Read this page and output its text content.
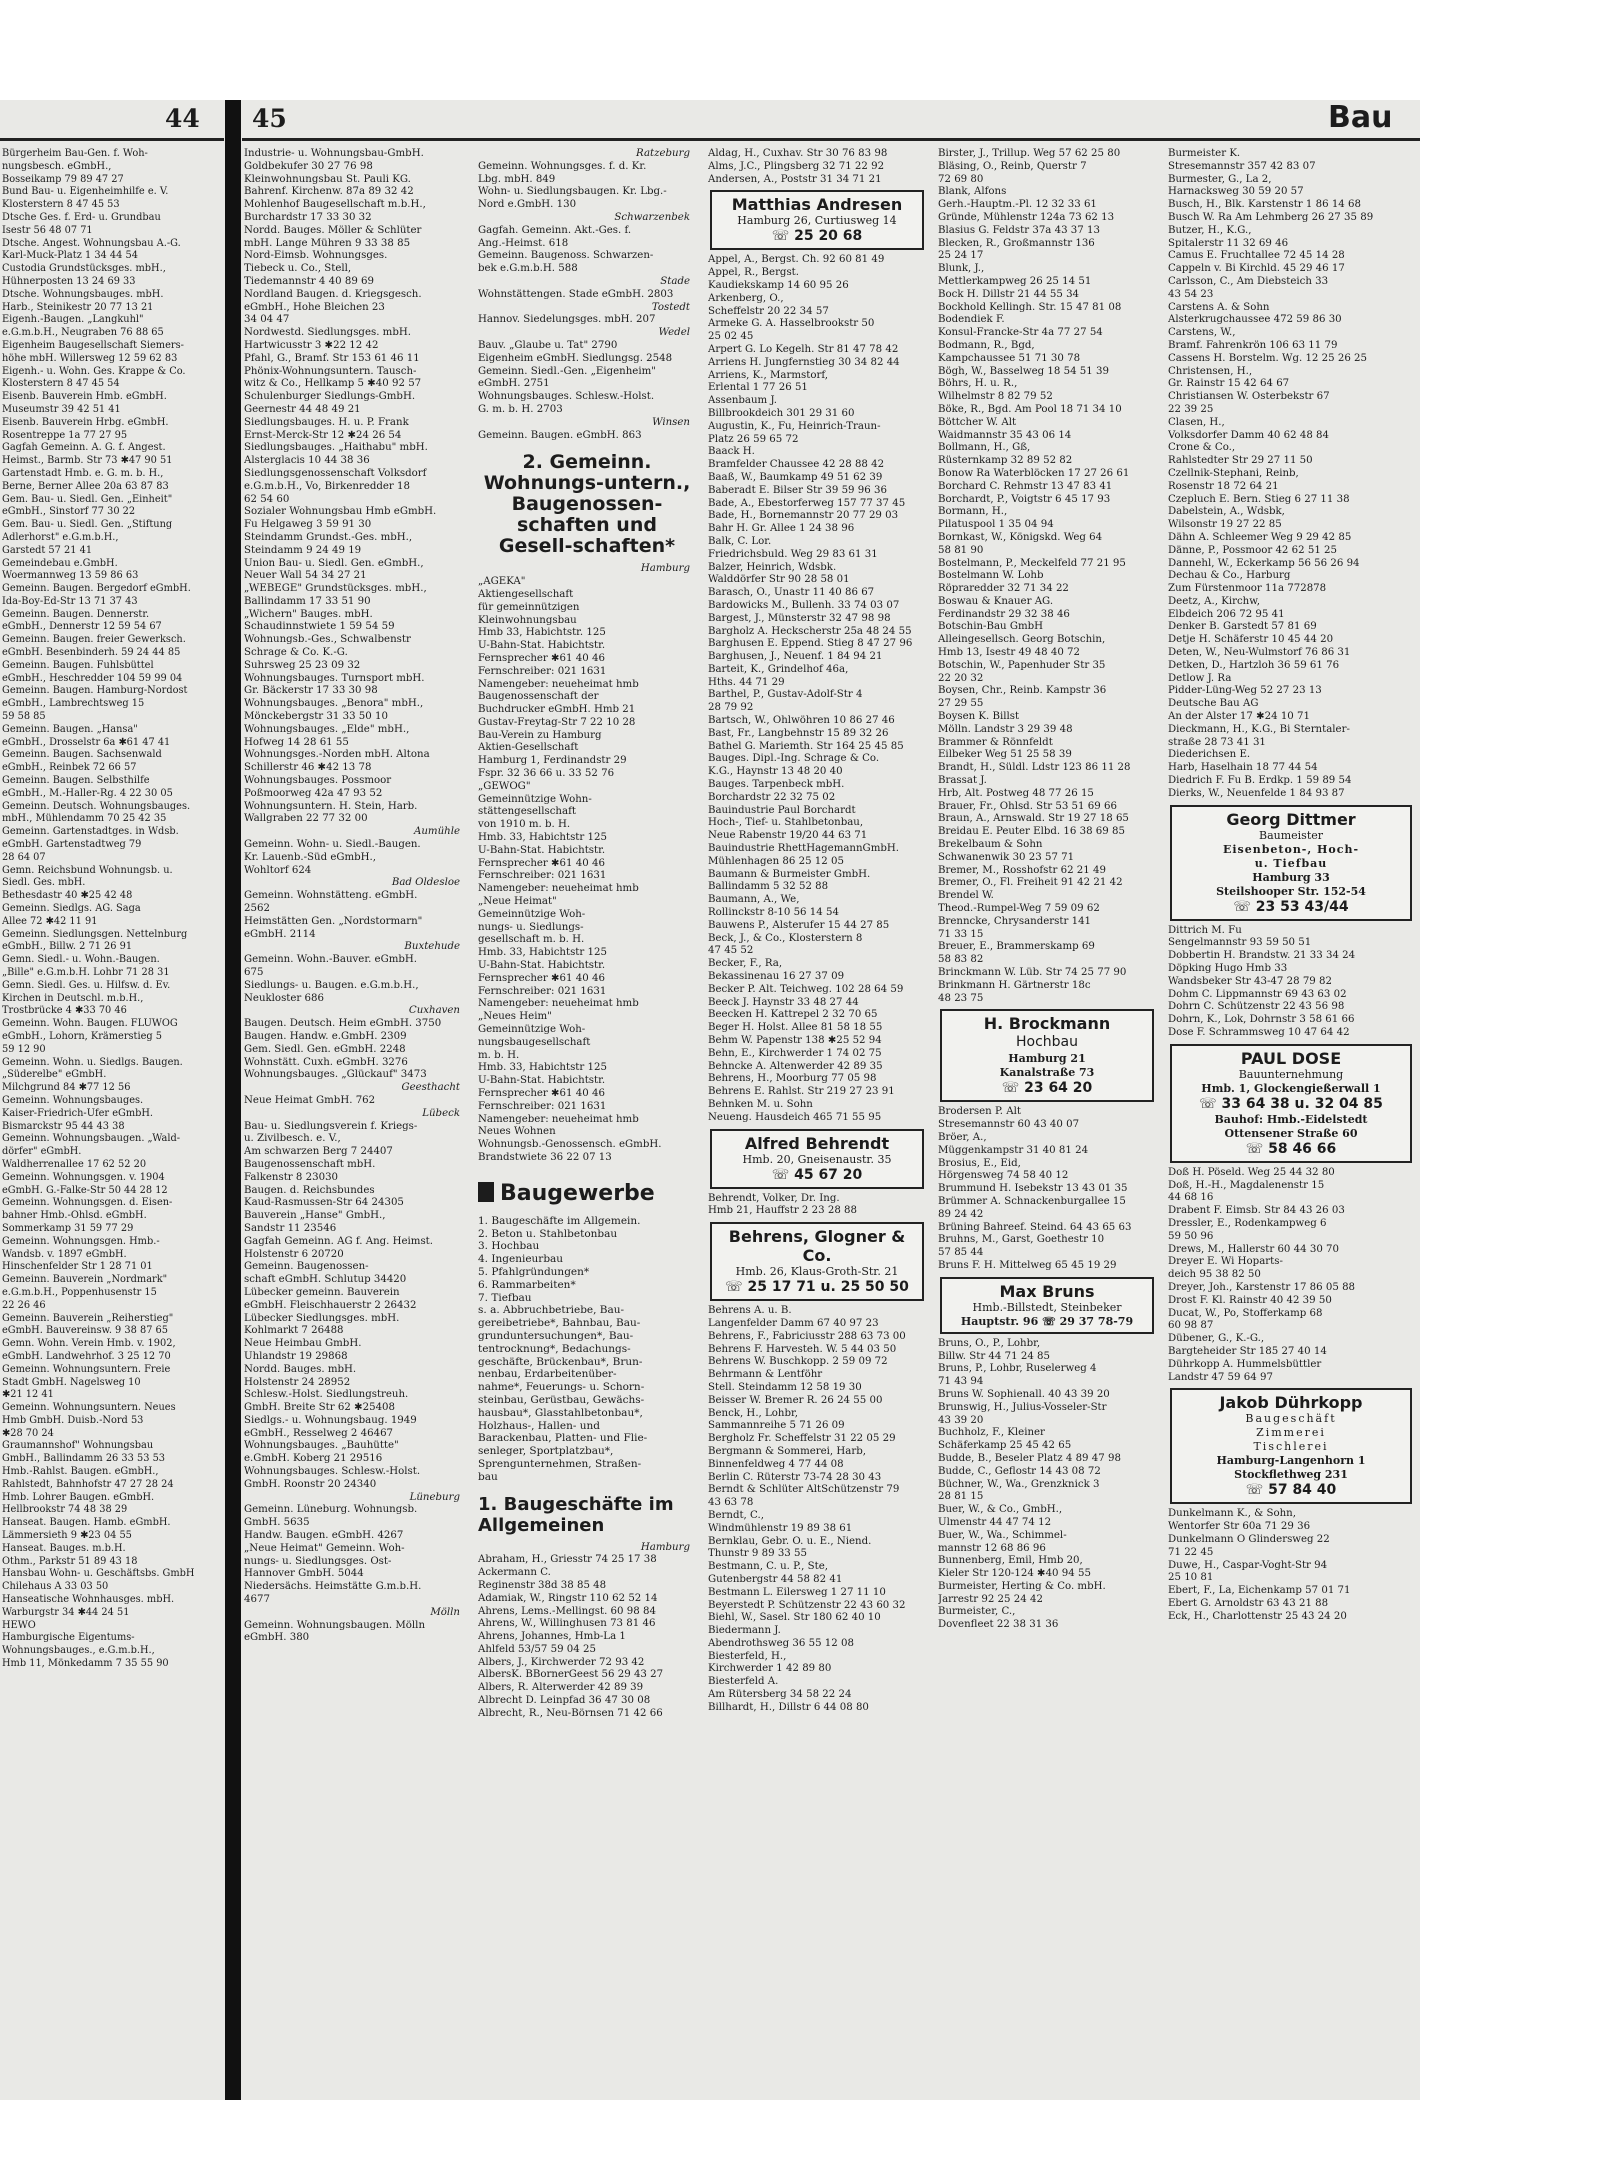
44 45	Bau
Bürgerheim Bau-Gen. f. Woh-
nungsbesch. eGmbH.,
Bosseikamp 79 89 47 27
Bund Bau- u. Eigenheimhilfe e. V.
Klosterstern 8 47 45 53
Dtsche Ges. f. Erd- u. Grundbau
Isestr 56 48 07 71
Dtsche. Angest. Wohnungsbau A.-G.
Karl-Muck-Platz 1 34 44 54
Custodia Grundstücksges. mbH.,
Hühnerposten 13 24 69 33
Dtsche. Wohnungsbauges. mbH.
Harb., Steinikestr 20 77 13 21
Eigenh.-Baugen. „Langkuhl"
e.G.m.b.H., Neugraben 76 88 65
Eigenheim Baugesellschaft Siemers-
höhe mbH. Willersweg 12 59 62 83
Eigenh.- u. Wohn. Ges. Krappe & Co.
Klosterstern 8 47 45 54
Eisenb. Bauverein Hmb. eGmbH.
Museumstr 39 42 51 41
Eisenb. Bauverein Hrbg. eGmbH.
Rosentreppe 1a 77 27 95
Gagfah Gemeinn. A. G. f. Angest.
Heimst., Barmb. Str 73 ✱47 90 51
Gartenstadt Hmb. e. G. m. b. H.,
Berne, Berner Allee 20a 63 87 83
Gem. Bau- u. Siedl. Gen. „Einheit"
eGmbH., Sinstorf 77 30 22
Gem. Bau- u. Siedl. Gen. „Stiftung
Adlerhorst" e.G.m.b.H.,
Garstedt 57 21 41
Gemeindebau e.GmbH.
Woermannweg 13 59 86 63
Gemeinn. Baugen. Bergedorf eGmbH.
Ida-Boy-Ed-Str 13 71 37 43
Gemeinn. Baugen. Dennerstr.
eGmbH., Dennerstr 12 59 54 67
Gemeinn. Baugen. freier Gewerksch.
eGmbH. Besenbinderh. 59 24 44 85
Gemeinn. Baugen. Fuhlsbüttel
eGmbH., Heschredder 104 59 99 04
Gemeinn. Baugen. Hamburg-Nordost
eGmbH., Lambrechtsweg 15
59 58 85
Gemeinn. Baugen. „Hansa"
eGmbH., Drosselstr 6a ✱61 47 41
Gemeinn. Baugen. Sachsenwald
eGmbH., Reinbek 72 66 57
Gemeinn. Baugen. Selbsthilfe
eGmbH., M.-Haller-Rg. 4 22 30 05
Gemeinn. Deutsch. Wohnungsbauges.
mbH., Mühlendamm 70 25 42 35
Gemeinn. Gartenstadtges. in Wdsb.
eGmbH. Gartenstadtweg 79
28 64 07
Gemn. Reichsbund Wohnungsb. u.
Siedl. Ges. mbH.
Bethesdastr 40 ✱25 42 48
Gemeinn. Siedlgs. AG. Saga
Allee 72 ✱42 11 91
Gemeinn. Siedlungsgen. Nettelnburg
eGmbH., Billw. 2 71 26 91
Gemn. Siedl.- u. Wohn.-Baugen.
„Bille" e.G.m.b.H. Lohbr 71 28 31
Gemn. Siedl. Ges. u. Hilfsw. d. Ev.
Kirchen in Deutschl. m.b.H.,
Trostbrücke 4 ✱33 70 46
Gemeinn. Wohn. Baugen. FLUWOG
eGmbH., Lohorn, Krämerstieg 5
59 12 90
Gemeinn. Wohn. u. Siedlgs. Baugen.
„Süderelbe" eGmbH.
Milchgrund 84 ✱77 12 56
Gemeinn. Wohnungsbauges.
Kaiser-Friedrich-Ufer eGmbH.
Bismarckstr 95 44 43 38
Gemeinn. Wohnungsbaugen. „Wald-
dörfer" eGmbH.
Waldherrenallee 17 62 52 20
Gemeinn. Wohnungsgen. v. 1904
eGmbH. G.-Falke-Str 50 44 28 12
Gemeinn. Wohnungsgen. d. Eisen-
bahner Hmb.-Ohlsd. eGmbH.
Sommerkamp 31 59 77 29
Gemeinn. Wohnungsgen. Hmb.-
Wandsb. v. 1897 eGmbH.
Hinschenfelder Str 1 28 71 01
Gemeinn. Bauverein „Nordmark"
e.G.m.b.H., Poppenhusenstr 15
22 26 46
Gemeinn. Bauverein „Reiherstieg"
eGmbH. Bauvereinsw. 9 38 87 65
Gemn. Wohn. Verein Hmb. v. 1902,
eGmbH. Landwehrhof. 3 25 12 70
Gemeinn. Wohnungsuntern. Freie
Stadt GmbH. Nagelsweg 10
✱21 12 41
Gemeinn. Wohnungsuntern. Neues
Hmb GmbH. Duisb.-Nord 53
✱28 70 24
Graumannshof" Wohnungsbau
GmbH., Ballindamm 26 33 53 53
Hmb.-Rahlst. Baugen. eGmbH.,
Rahlstedt, Bahnhofstr 47 27 28 24
Hmb. Lohrer Baugen. eGmbH.
Hellbrookstr 74 48 38 29
Hanseat. Baugen. Hamb. eGmbH.
Lämmersieth 9 ✱23 04 55
Hanseat. Bauges. m.b.H.
Othm., Parkstr 51 89 43 18
Hansbau Wohn- u. Geschäftsbs. GmbH
Chilehaus A 33 03 50
Hanseatische Wohnhausges. mbH.
Warburgstr 34 ✱44 24 51
HEWO
Hamburgische Eigentums-
Wohnungsbauges., e.G.m.b.H.,
Hmb 11, Mönkedamm 7 35 55 90
Industrie- u. Wohnungsbau-GmbH.
Goldbekufer 30 27 76 98
Kleinwohnungsbau St. Pauli KG.
Bahrenf. Kirchenw. 87a 89 32 42
Mohlenhof Baugesellschaft m.b.H.,
Burchardstr 17 33 30 32
Nordd. Bauges. Möller & Schlüter
mbH. Lange Mühren 9 33 38 85
Nord-Eimsb. Wohnungsges.
Tiebeck u. Co., Stell,
Tiedemannstr 4 40 89 69
Nordland Baugen. d. Kriegsgesch.
eGmbH., Hohe Bleichen 23
34 04 47
Nordwestd. Siedlungsges. mbH.
Hartwicusstr 3 ✱22 12 42
Pfahl, G., Bramf. Str 153 61 46 11
Phönix-Wohnungsuntern. Tausch-
witz & Co., Hellkamp 5 ✱40 92 57
Schulenburger Siedlungs-GmbH.
Geernestr 44 48 49 21
Siedlungsbauges. H. u. P. Frank
Ernst-Merck-Str 12 ✱24 26 54
Siedlungsbauges. „Haithabu" mbH.
Alsterglacis 10 44 38 36
Siedlungsgenossenschaft Volksdorf
e.G.m.b.H., Vo, Birkenredder 18
62 54 60
Sozialer Wohnungsbau Hmb eGmbH.
Fu Helgaweg 3 59 91 30
Steindamm Grundst.-Ges. mbH.,
Steindamm 9 24 49 19
Union Bau- u. Siedl. Gen. eGmbH.,
Neuer Wall 54 34 27 21
„WEBEGE" Grundstücksges. mbH.,
Ballindamm 17 33 51 90
„Wichern" Bauges. mbH.
Schaudinnstwiete 1 59 54 59
Wohnungsb.-Ges., Schwalbenstr
Schrage & Co. K.-G.
Suhrsweg 25 23 09 32
Wohnungsbauges. Turnsport mbH.
Gr. Bäckerstr 17 33 30 98
Wohnungsbauges. „Benora" mbH.,
Mönckebergstr 31 33 50 10
Wohnungsbauges. „Elde" mbH.,
Hofweg 14 28 61 55
Wohnungsges.-Norden mbH. Altona
Schillerstr 46 ✱42 13 78
Wohnungsbauges. Possmoor
Poßmoorweg 42a 47 93 52
Wohnungsuntern. H. Stein, Harb.
Wallgraben 22 77 32 00
Aumühle
Gemeinn. Wohn- u. Siedl.-Baugen.
Kr. Lauenb.-Süd eGmbH.,
Wohltorf 624
Bad Oldesloe
Gemeinn. Wohnstätteng. eGmbH.
2562
Heimstätten Gen. „Nordstormarn"
eGmbH. 2114
Buxtehude
Gemeinn. Wohn.-Bauver. eGmbH.
675
Siedlungs- u. Baugen. e.G.m.b.H.,
Neukloster 686
Cuxhaven
Baugen. Deutsch. Heim eGmbH. 3750
Baugen. Handw. e.GmbH. 2309
Gem. Siedl. Gen. eGmbH. 2248
Wohnstätt. Cuxh. eGmbH. 3276
Wohnungsbauges. „Glückauf" 3473
Geesthacht
Neue Heimat GmbH. 762
Lübeck
Bau- u. Siedlungsverein f. Kriegs-
u. Zivilbesch. e. V.,
Am schwarzen Berg 7 24407
Baugenossenschaft mbH.
Falkenstr 8 23030
Baugen. d. Reichsbundes
Kaud-Rasmussen-Str 64 24305
Bauverein „Hanse" GmbH.,
Sandstr 11 23546
Gagfah Gemeinn. AG f. Ang. Heimst.
Holstenstr 6 20720
Gemeinn. Baugenossen-
schaft eGmbH. Schlutup 34420
Lübecker gemeinn. Bauverein
eGmbH. Fleischhauerstr 2 26432
Lübecker Siedlungsges. mbH.
Kohlmarkt 7 26488
Neue Heimbau GmbH.
Uhlandstr 19 29868
Nordd. Bauges. mbH.
Holstenstr 24 28952
Schlesw.-Holst. Siedlungstreuh.
GmbH. Breite Str 62 ✱25408
Siedlgs.- u. Wohnungsbaug. 1949
eGmbH., Resselweg 2 46467
Wohnungsbauges. „Bauhütte"
e.GmbH. Koberg 21 29516
Wohnungsbauges. Schlesw.-Holst.
GmbH. Roonstr 20 24340
Lüneburg
Gemeinn. Lüneburg. Wohnungsb.
GmbH. 5635
Handw. Baugen. eGmbH. 4267
„Neue Heimat" Gemeinn. Woh-
nungs- u. Siedlungsges. Ost-
Hannover GmbH. 5044
Niedersächs. Heimstätte G.m.b.H.
4677
Mölln
Gemeinn. Wohnungsbaugen. Mölln
eGmbH. 380
Ratzeburg
Gemeinn. Wohnungsges. f. d. Kr.
Lbg. mbH. 849
Wohn- u. Siedlungsbaugen. Kr. Lbg.-
Nord e.GmbH. 130
Schwarzenbek
Gagfah. Gemeinn. Akt.-Ges. f.
Ang.-Heimst. 618
Gemeinn. Baugenoss. Schwarzen-
bek e.G.m.b.H. 588
Stade
Wohnstättengen. Stade eGmbH. 2803
Tostedt
Hannov. Siedelungsges. mbH. 207
Wedel
Bauv. „Glaube u. Tat" 2790
Eigenheim eGmbH. Siedlungsg. 2548
Gemeinn. Siedl.-Gen. „Eigenheim"
eGmbH. 2751
Wohnungsbauges. Schlesw.-Holst.
G. m. b. H. 2703
Winsen
Gemeinn. Baugen. eGmbH. 863
2. Gemeinn. Wohnungs-untern., Baugenossen-schaften und Gesell-schaften*
Hamburg
„AGEKA"
Aktiengesellschaft
für gemeinnützigen
Kleinwohnungsbau
Hmb 33, Habichtstr. 125
U-Bahn-Stat. Habichtstr.
Fernsprecher ✱61 40 46
Fernschreiber: 021 1631
Namengeber: neueheimat hmb
Baugenossenschaft der
Buchdrucker eGmbH. Hmb 21
Gustav-Freytag-Str 7 22 10 28
Bau-Verein zu Hamburg
Aktien-Gesellschaft
Hamburg 1, Ferdinandstr 29
Fspr. 32 36 66 u. 33 52 76
„GEWOG"
Gemeinnützige Wohn-
stättengesellschaft
von 1910 m. b. H.
Hmb. 33, Habichtstr 125
U-Bahn-Stat. Habichtstr.
Fernsprecher ✱61 40 46
Fernschreiber: 021 1631
Namengeber: neueheimat hmb
„Neue Heimat"
Gemeinnützige Woh-
nungs- u. Siedlungs-
gesellschaft m. b. H.
Hmb. 33, Habichtstr 125
U-Bahn-Stat. Habichtstr.
Fernsprecher ✱61 40 46
Fernschreiber: 021 1631
Namengeber: neueheimat hmb
„Neues Heim"
Gemeinnützige Woh-
nungsbaugesellschaft
m. b. H.
Hmb. 33, Habichtstr 125
U-Bahn-Stat. Habichtstr.
Fernsprecher ✱61 40 46
Fernschreiber: 021 1631
Namengeber: neueheimat hmb
Neues Wohnen
Wohnungsb.-Genossensch. eGmbH.
Brandstwiete 36 22 07 13
Baugewerbe
1. Baugeschäfte im Allgemein.
2. Beton u. Stahlbetonbau
3. Hochbau
4. Ingenieurbau
5. Pfahlgründungen*
6. Rammarbeiten*
7. Tiefbau
s. a. Abbruchbetriebe, Bau-
gereibetriebe*, Bahnbau, Bau-
grunduntersuchungen*, Bau-
tentrocknung*, Bedachungs-
geschäfte, Brückenbau*, Brun-
nenbau, Erdarbeitenüber-
nahme*, Feuerungs- u. Schorn-
steinbau, Gerüstbau, Gewächs-
hausbau*, Glasstahlbetonbau*,
Holzhaus-, Hallen- und
Barackenbau, Platten- und Flie-
senleger, Sportplatzbau*,
Sprengunternehmen, Straßen-
bau
1. Baugeschäfte im Allgemeinen
Hamburg
Abraham, H., Griesstr 74 25 17 38
Ackermann C.
Reginenstr 38d 38 85 48
Adamiak, W., Ringstr 110 62 52 14
Ahrens, Lems.-Mellingst. 60 98 84
Ahrens, W., Willinghusen 73 81 46
Ahrens, Johannes, Hmb-La 1
Ahlfeld 53/57 59 04 25
Albers, J., Kirchwerder 72 93 42
AlbersK. BBornerGeest 56 29 43 27
Albers, R. Alterwerder 42 89 39
Albrecht D. Leinpfad 36 47 30 08
Albrecht, R., Neu-Börnsen 71 42 66
Aldag, H., Cuxhav. Str 30 76 83 98
Alms, J.C., Plingsberg 32 71 22 92
Andersen, A., Poststr 31 34 71 21
Matthias Andresen
Hamburg 26, Curtiusweg 14
☏ 25 20 68
Appel, A., Bergst. Ch. 92 60 81 49
Appel, R., Bergst.
Kaudiekskamp 14 60 95 26
Arkenberg, O.,
Scheffelstr 20 22 34 57
Armeke G. A. Hasselbrookstr 50
25 02 45
Arpert G. Lo Kegelh. Str 81 47 78 42
Arriens H. Jungfernstieg 30 34 82 44
Arriens, K., Marmstorf,
Erlental 1 77 26 51
Assenbaum J.
Billbrookdeich 301 29 31 60
Augustin, K., Fu, Heinrich-Traun-
Platz 26 59 65 72
Baack H.
Bramfelder Chaussee 42 28 88 42
Baaß, W., Baumkamp 49 51 62 39
Baberadt E. Bilser Str 39 59 96 36
Bade, A., Ebestorferweg 157 77 37 45
Bade, H., Bornemannstr 20 77 29 03
Bahr H. Gr. Allee 1 24 38 96
Balk, C. Lor.
Friedrichsbuld. Weg 29 83 61 31
Balzer, Heinrich, Wdsbk.
Walddörfer Str 90 28 58 01
Barasch, O., Unastr 11 40 86 67
Bardowicks M., Bullenh. 33 74 03 07
Bargest, J., Münsterstr 32 47 98 98
Bargholz A. Heckscherstr 25a 48 24 55
Barghusen E. Eppend. Stieg 8 47 27 96
Barghusen, J., Neuenf. 1 84 94 21
Barteit, K., Grindelhof 46a,
Hths. 44 71 29
Barthel, P., Gustav-Adolf-Str 4
28 79 92
Bartsch, W., Ohlwöhren 10 86 27 46
Bast, Fr., Langbehnstr 15 89 32 26
Bathel G. Mariemth. Str 164 25 45 85
Bauges. Dipl.-Ing. Schrage & Co.
K.G., Haynstr 13 48 20 40
Bauges. Tarpenbeck mbH.
Borchardstr 22 32 75 02
Bauindustrie Paul Borchardt
Hoch-, Tief- u. Stahlbetonbau,
Neue Rabenstr 19/20 44 63 71
Bauindustrie RhettHagemannGmbH.
Mühlenhagen 86 25 12 05
Baumann & Burmeister GmbH.
Ballindamm 5 32 52 88
Baumann, A., We,
Rollinckstr 8-10 56 14 54
Bauwens P., Alsterufer 15 44 27 85
Beck, J., & Co., Klosterstern 8
47 45 52
Becker, F., Ra,
Bekassinenau 16 27 37 09
Becker P. Alt. Teichweg. 102 28 64 59
Beeck J. Haynstr 33 48 27 44
Beecken H. Kattrepel 2 32 70 65
Beger H. Holst. Allee 81 58 18 55
Behm W. Papenstr 138 ✱25 52 94
Behn, E., Kirchwerder 1 74 02 75
Behncke A. Altenwerder 42 89 35
Behrens, H., Moorburg 77 05 98
Behrens E. Rahlst. Str 219 27 23 91
Behnken M. u. Sohn
Neueng. Hausdeich 465 71 55 95
Alfred Behrendt
Hmb. 20, Gneisenaustr. 35
☏ 45 67 20
Behrendt, Volker, Dr. Ing.
Hmb 21, Hauffstr 2 23 28 88
Behrens, Glogner & Co.
Hmb. 26, Klaus-Groth-Str. 21
☏ 25 17 71 u. 25 50 50
Behrens A. u. B.
Langenfelder Damm 67 40 97 23
Behrens, F., Fabriciusstr 288 63 73 00
Behrens F. Harvesteh. W. 5 44 03 50
Behrens W. Buschkopp. 2 59 09 72
Behrmann & Lentföhr
Stell. Steindamm 12 58 19 30
Beisser W. Bremer R. 26 24 55 00
Benck, H., Lohbr,
Sammannreihe 5 71 26 09
Bergholz Fr. Scheffelstr 31 22 05 29
Bergmann & Sommerei, Harb,
Binnenfeldweg 4 77 44 08
Berlin C. Rüterstr 73-74 28 30 43
Berndt & Schlüter AltSchützenstr 79
43 63 78
Berndt, C.,
Windmühlenstr 19 89 38 61
Bernklau, Gebr. O. u. E., Niend.
Thunstr 9 89 33 55
Bestmann, C. u. P., Ste,
Gutenbergstr 44 58 82 41
Bestmann L. Eilersweg 1 27 11 10
Beyerstedt P. Schützenstr 22 43 60 32
Biehl, W., Sasel. Str 180 62 40 10
Biedermann J.
Abendrothsweg 36 55 12 08
Biesterfeld, H.,
Kirchwerder 1 42 89 80
Biesterfeld A.
Am Rütersberg 34 58 22 24
Billhardt, H., Dillstr 6 44 08 80
Birster, J., Trillup. Weg 57 62 25 80
Bläsing, O., Reinb, Querstr 7
72 69 80
Blank, Alfons
Gerh.-Hauptm.-Pl. 12 32 33 61
Gründe, Mühlenstr 124a 73 62 13
Blasius G. Feldstr 37a 43 37 13
Blecken, R., Großmannstr 136
25 24 17
Blunk, J.,
Mettlerkampweg 26 25 14 51
Bock H. Dillstr 21 44 55 34
Bockhold Kellingh. Str. 15 47 81 08
Bodendiek F.
Konsul-Francke-Str 4a 77 27 54
Bodmann, R., Bgd,
Kampchaussee 51 71 30 78
Bögh, W., Basselweg 18 54 51 39
Böhrs, H. u. R.,
Wilhelmstr 8 82 79 52
Böke, R., Bgd. Am Pool 18 71 34 10
Böttcher W. Alt
Waidmannstr 35 43 06 14
Bollmann, H., Gß,
Rüsternkamp 32 89 52 82
Bonow Ra Waterblöcken 17 27 26 61
Borchard C. Rehmstr 13 47 83 41
Borchardt, P., Voigtstr 6 45 17 93
Bormann, H.,
Pilatuspool 1 35 04 94
Bornkast, W., Königskd. Weg 64
58 81 90
Bostelmann, P., Meckelfeld 77 21 95
Bostelmann W. Lohb
Röpraredder 32 71 34 22
Boswau & Knauer AG.
Ferdinandstr 29 32 38 46
Botschin-Bau GmbH
Alleingesellsch. Georg Botschin,
Hmb 13, Isestr 49 48 40 72
Botschin, W., Papenhuder Str 35
22 20 32
Boysen, Chr., Reinb. Kampstr 36
27 29 55
Boysen K. Billst
Mölln. Landstr 3 29 39 48
Brammer & Rönnfeldt
Eilbeker Weg 51 25 58 39
Brandt, H., Süldl. Ldstr 123 86 11 28
Brassat J.
Hrb, Alt. Postweg 48 77 26 15
Brauer, Fr., Ohlsd. Str 53 51 69 66
Braun, A., Arnswald. Str 19 27 18 65
Breidau E. Peuter Elbd. 16 38 69 85
Brekelbaum & Sohn
Schwanenwik 30 23 57 71
Bremer, M., Rosshofstr 62 21 49
Bremer, O., Fl. Freiheit 91 42 21 42
Brendel W.
Theod.-Rumpel-Weg 7 59 09 62
Brenncke, Chrysanderstr 141
71 33 15
Breuer, E., Brammerskamp 69
58 83 82
Brinckmann W. Lüb. Str 74 25 77 90
Brinkmann H. Gärtnerstr 18c
48 23 75
H. Brockmann
Hochbau
Hamburg 21
Kanalstraße 73
☏ 23 64 20
Brodersen P. Alt
Stresemannstr 60 43 40 07
Bröer, A.,
Müggenkampstr 31 40 81 24
Brosius, E., Eid,
Hörgensweg 74 58 40 12
Brummund H. Isebekstr 13 43 01 35
Brümmer A. Schnackenburgallee 15
89 24 42
Brüning Bahreef. Steind. 64 43 65 63
Bruhns, M., Garst, Goethestr 10
57 85 44
Bruns F. H. Mittelweg 65 45 19 29
Max Bruns
Hmb.-Billstedt, Steinbeker
Hauptstr. 96 ☏ 29 37 78-79
Bruns, O., P., Lohbr,
Billw. Str 44 71 24 85
Bruns, P., Lohbr, Ruselerweg 4
71 43 94
Bruns W. Sophienall. 40 43 39 20
Brunswig, H., Julius-Vosseler-Str
43 39 20
Buchholz, F., Kleiner
Schäferkamp 25 45 42 65
Budde, B., Beseler Platz 4 89 47 98
Budde, C., Geflostr 14 43 08 72
Büchner, W., Wa., Grenzknick 3
28 81 15
Buer, W., & Co., GmbH.,
Ulmenstr 44 47 74 12
Buer, W., Wa., Schimmel-
mannstr 12 68 86 96
Bunnenberg, Emil, Hmb 20,
Kieler Str 120-124 ✱40 94 55
Burmeister, Herting & Co. mbH.
Jarrestr 92 25 24 42
Burmeister, C.,
Dovenfleet 22 38 31 36
Burmeister K.
Stresemannstr 357 42 83 07
Burmester, G., La 2,
Harnacksweg 30 59 20 57
Busch, H., Blk. Karstenstr 1 86 14 68
Busch W. Ra Am Lehmberg 26 27 35 89
Butzer, H., K.G.,
Spitalerstr 11 32 69 46
Camus E. Fruchtallee 72 45 14 28
Cappeln v. Bi Kirchld. 45 29 46 17
Carlsson, C., Am Diebsteich 33
43 54 23
Carstens A. & Sohn
Alsterkrugchaussee 472 59 86 30
Carstens, W.,
Bramf. Fahrenkrön 106 63 11 79
Cassens H. Borstelm. Wg. 12 25 26 25
Christensen, H.,
Gr. Rainstr 15 42 64 67
Christiansen W. Osterbekstr 67
22 39 25
Clasen, H.,
Volksdorfer Damm 40 62 48 84
Crone & Co.,
Rahlstedter Str 29 27 11 50
Czellnik-Stephani, Reinb,
Rosenstr 18 72 64 21
Czepluch E. Bern. Stieg 6 27 11 38
Dabelstein, A., Wdsbk,
Wilsonstr 19 27 22 85
Dähn A. Schleemer Weg 9 29 42 85
Dänne, P., Possmoor 42 62 51 25
Dannehl, W., Eckerkamp 56 56 26 94
Dechau & Co., Harburg
Zum Fürstenmoor 11a 772878
Deetz, A., Kirchw,
Elbdeich 206 72 95 41
Denker B. Garstedt 57 81 69
Detje H. Schäferstr 10 45 44 20
Deten, W., Neu-Wulmstorf 76 86 31
Detken, D., Hartzloh 36 59 61 76
Detlow J. Ra
Pidder-Lüng-Weg 52 27 23 13
Deutsche Bau AG
An der Alster 17 ✱24 10 71
Dieckmann, H., K.G., Bi Sterntaler-
straße 28 73 41 31
Diederichsen E.
Harb, Haselhain 18 77 44 54
Diedrich F. Fu B. Erdkp. 1 59 89 54
Dierks, W., Neuenfelde 1 84 93 87
Georg Dittmer
Baumeister
Eisenbeton-, Hoch-
u. Tiefbau
Hamburg 33
Steilshooper Str. 152-54
☏ 23 53 43/44
Dittrich M. Fu
Sengelmannstr 93 59 50 51
Dobbertin H. Brandstw. 21 33 34 24
Döpking Hugo Hmb 33
Wandsbeker Str 43-47 28 79 82
Dohm C. Lippmannstr 69 43 63 02
Dohrn C. Schützenstr 22 43 56 98
Dohrn, K., Lok, Dohrnstr 3 58 61 66
Dose F. Schrammsweg 10 47 64 42
PAUL DOSE
Bauunternehmung
Hmb. 1, Glockengießerwall 1
☏ 33 64 38 u. 32 04 85
Bauhof: Hmb.-Eidelstedt
Ottensener Straße 60
☏ 58 46 66
Doß H. Pöseld. Weg 25 44 32 80
Doß, H.-H., Magdalenenstr 15
44 68 16
Drabent F. Eimsb. Str 84 43 26 03
Dressler, E., Rodenkampweg 6
59 50 96
Drews, M., Hallerstr 60 44 30 70
Dreyer E. Wi Hoparts-
deich 95 38 82 50
Dreyer, Joh., Karstenstr 17 86 05 88
Drost F. Kl. Rainstr 40 42 39 50
Ducat, W., Po, Stofferkamp 68
60 98 87
Dübener, G., K.-G.,
Bargteheider Str 185 27 40 14
Dührkopp A. Hummelsbüttler
Landstr 47 59 64 97
Jakob Dührkopp
Baugeschäft
Zimmerei
Tischlerei
Hamburg-Langenhorn 1
Stockflethweg 231
☏ 57 84 40
Dunkelmann K., & Sohn,
Wentorfer Str 60a 71 29 36
Dunkelmann O Glindersweg 22
71 22 45
Duwe, H., Caspar-Voght-Str 94
25 10 81
Ebert, F., La, Eichenkamp 57 01 71
Ebert G. Arnoldstr 63 43 21 88
Eck, H., Charlottenstr 25 43 24 20
